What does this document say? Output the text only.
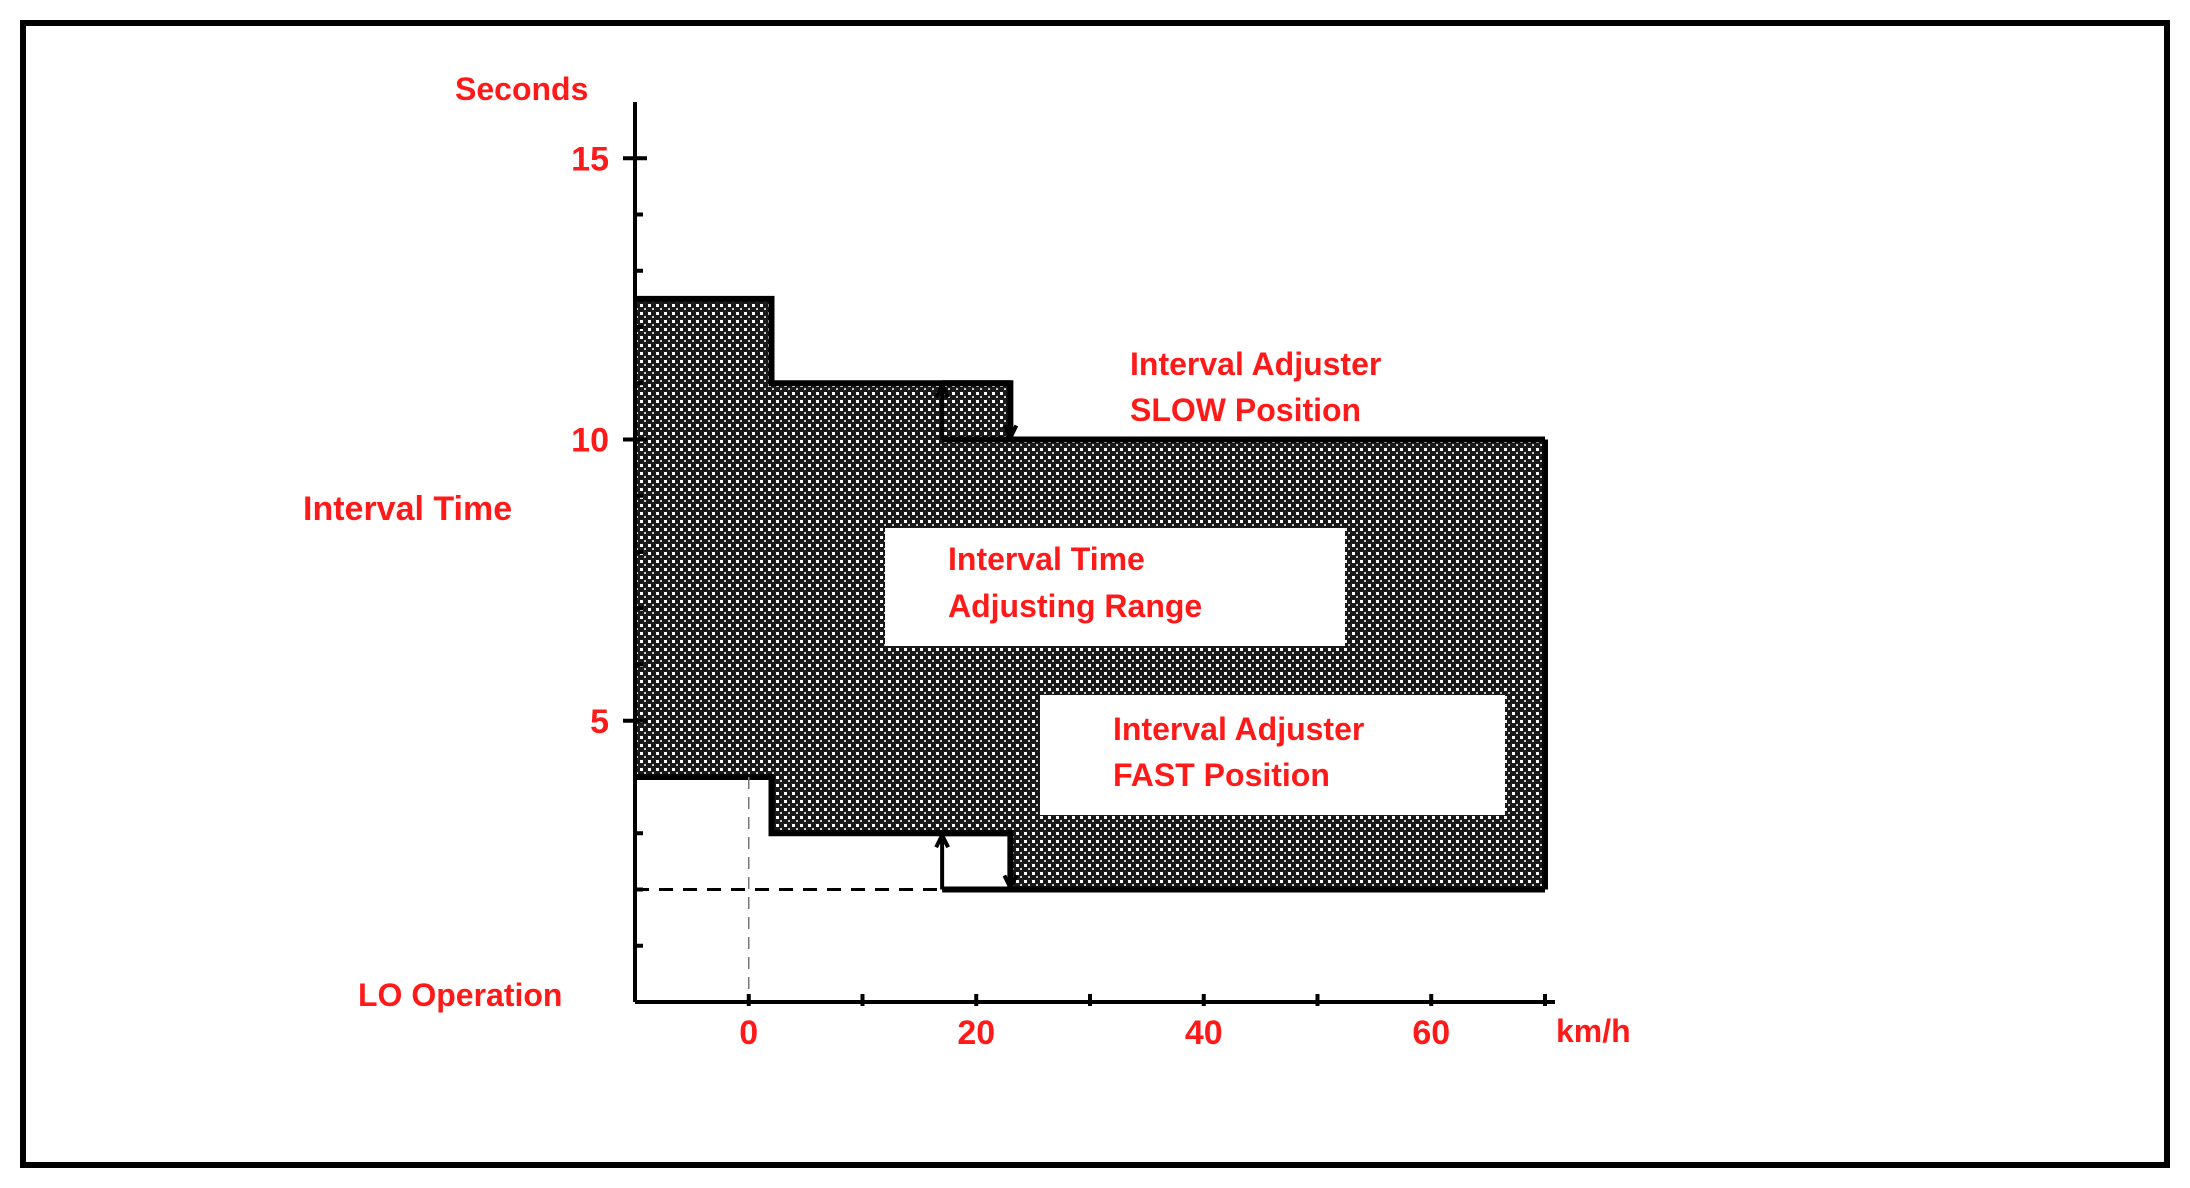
5
10
15
0	20	40	60
Seconds
Interval Time
LO Operation
km/h
Interval Adjuster
SLOW Position
Interval Time
Adjusting Range
Interval Adjuster
FAST Position
